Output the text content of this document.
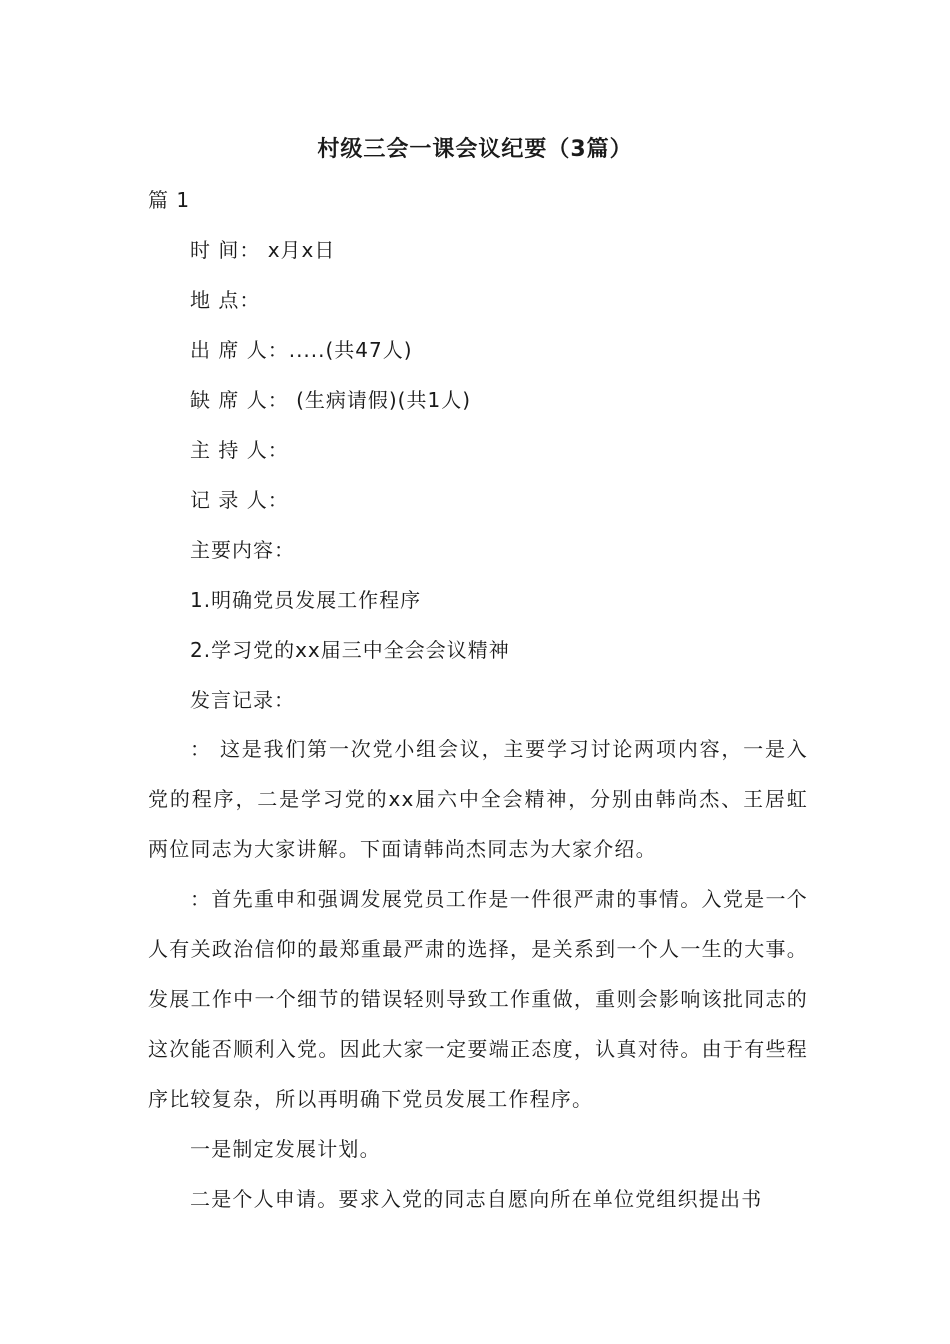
村级三会一课会议纪要（3篇）
篇 1
时 间： x月x日
地 点：
出 席 人：.....(共47人)
缺 席 人： (生病请假)(共1人)
主 持 人：
记 录 人：
主要内容：
1.明确党员发展工作程序
2.学习党的xx届三中全会会议精神
发言记录：
： 这是我们第一次党小组会议，主要学习讨论两项内容，一是入党的程序，二是学习党的xx届六中全会精神，分别由韩尚杰、王居虹两位同志为大家讲解。下面请韩尚杰同志为大家介绍。
：首先重申和强调发展党员工作是一件很严肃的事情。入党是一个人有关政治信仰的最郑重最严肃的选择，是关系到一个人一生的大事。发展工作中一个细节的错误轻则导致工作重做，重则会影响该批同志的这次能否顺利入党。因此大家一定要端正态度，认真对待。由于有些程序比较复杂，所以再明确下党员发展工作程序。
一是制定发展计划。
二是个人申请。要求入党的同志自愿向所在单位党组织提出书
